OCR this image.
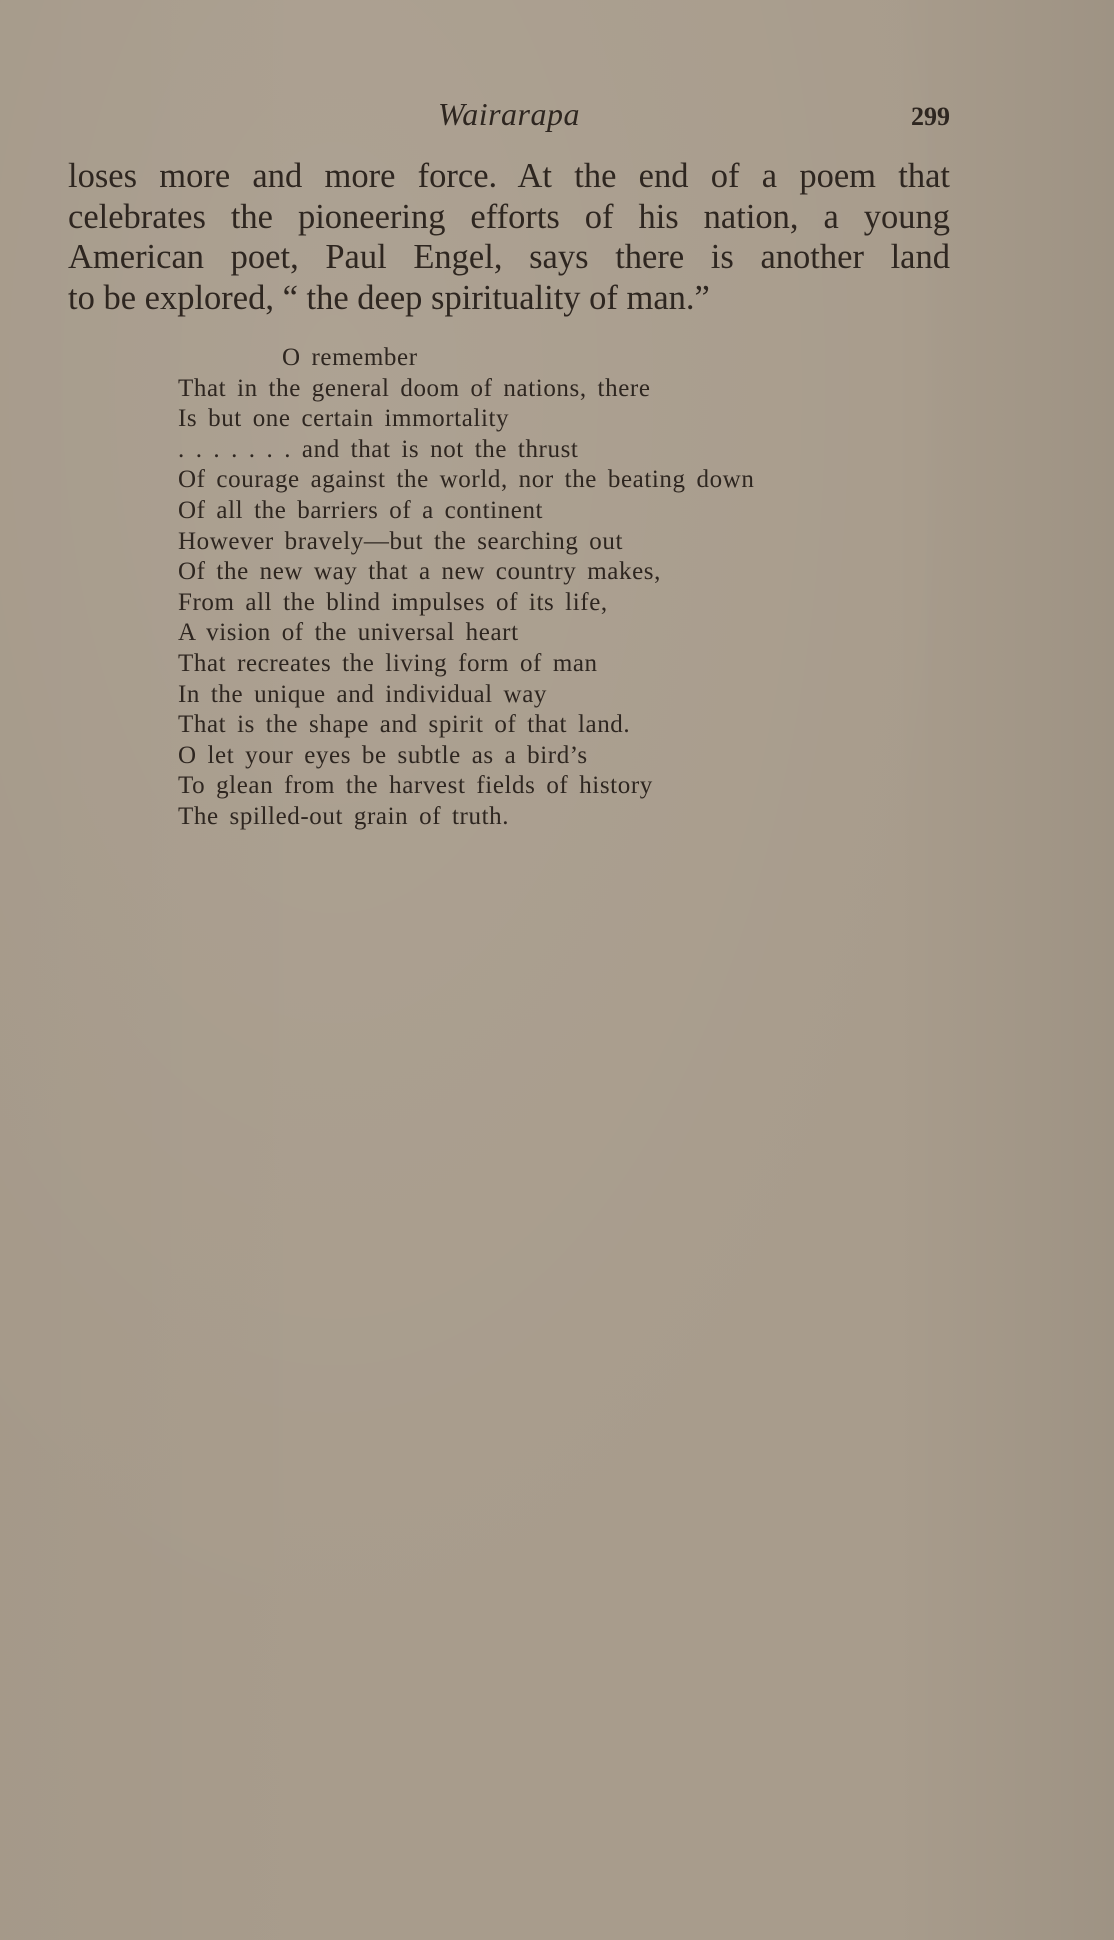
Wairarapa	299
loses more and more force. At the end of a poem that
celebrates the pioneering efforts of his nation, a young
American poet, Paul Engel, says there is another land
to be explored, “ the deep spirituality of man.”
O remember
That in the general doom of nations, there
Is but one certain immortality
. . . . . . . and that is not the thrust
Of courage against the world, nor the beating down
Of all the barriers of a continent
However bravely—but the searching out
Of the new way that a new country makes,
From all the blind impulses of its life,
A vision of the universal heart
That recreates the living form of man
In the unique and individual way
That is the shape and spirit of that land.
O let your eyes be subtle as a bird’s
To glean from the harvest fields of history
The spilled-out grain of truth.
